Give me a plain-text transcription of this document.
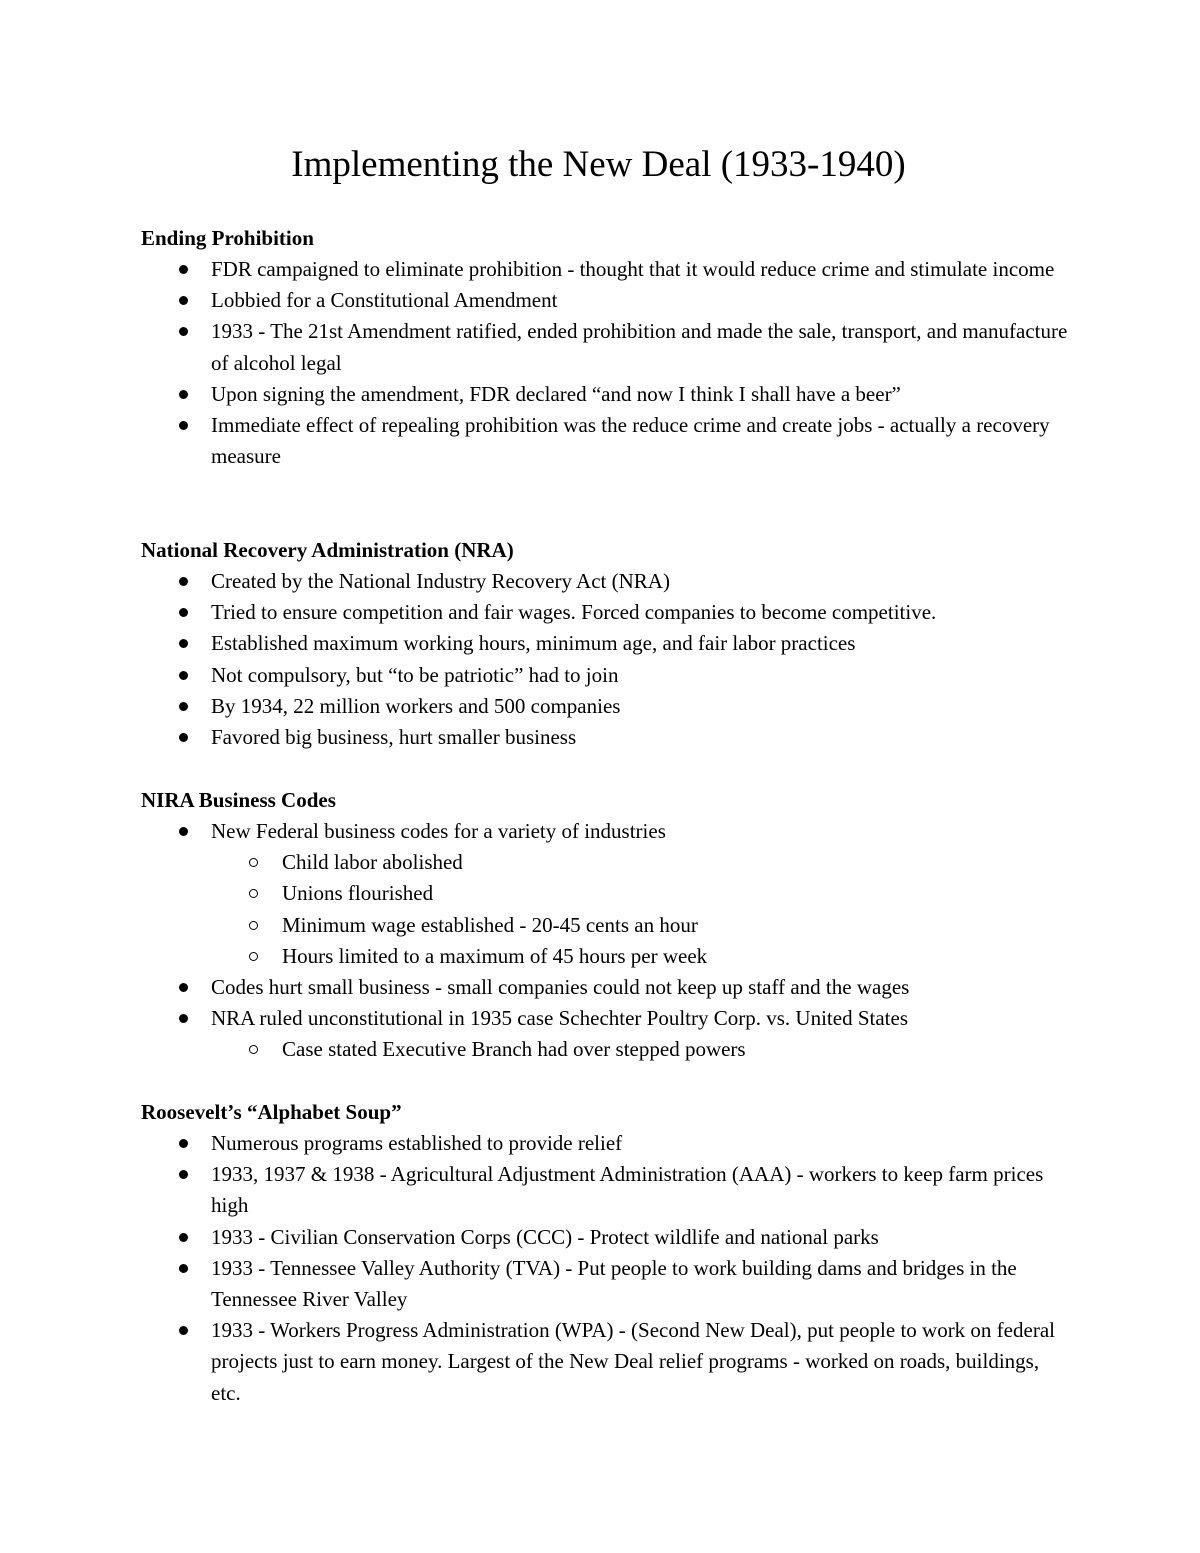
Implementing the New Deal (1933-1940)

Ending Prohibition

FDR campaigned to eliminate prohibition - thought that it would reduce crime and stimulate income
Lobbied for a Constitutional Amendment
1933 - The 21st Amendment ratified, ended prohibition and made the sale, transport, and manufacture of alcohol legal
Upon signing the amendment, FDR declared “and now I think I shall have a beer”
Immediate effect of repealing prohibition was the reduce crime and create jobs - actually a recovery measure

National Recovery Administration (NRA)

Created by the National Industry Recovery Act (NRA)
Tried to ensure competition and fair wages. Forced companies to become competitive.
Established maximum working hours, minimum age, and fair labor practices
Not compulsory, but “to be patriotic” had to join
By 1934, 22 million workers and 500 companies
Favored big business, hurt smaller business

NIRA Business Codes

New Federal business codes for a variety of industries
Child labor abolished
Unions flourished
Minimum wage established - 20-45 cents an hour
Hours limited to a maximum of 45 hours per week
Codes hurt small business - small companies could not keep up staff and the wages
NRA ruled unconstitutional in 1935 case Schechter Poultry Corp. vs. United States
Case stated Executive Branch had over stepped powers

Roosevelt’s “Alphabet Soup”

Numerous programs established to provide relief
1933, 1937 & 1938 - Agricultural Adjustment Administration (AAA) - workers to keep farm prices high
1933 - Civilian Conservation Corps (CCC) - Protect wildlife and national parks
1933 - Tennessee Valley Authority (TVA) - Put people to work building dams and bridges in the Tennessee River Valley
1933 - Workers Progress Administration (WPA) - (Second New Deal), put people to work on federal projects just to earn money. Largest of the New Deal relief programs - worked on roads, buildings, etc.
